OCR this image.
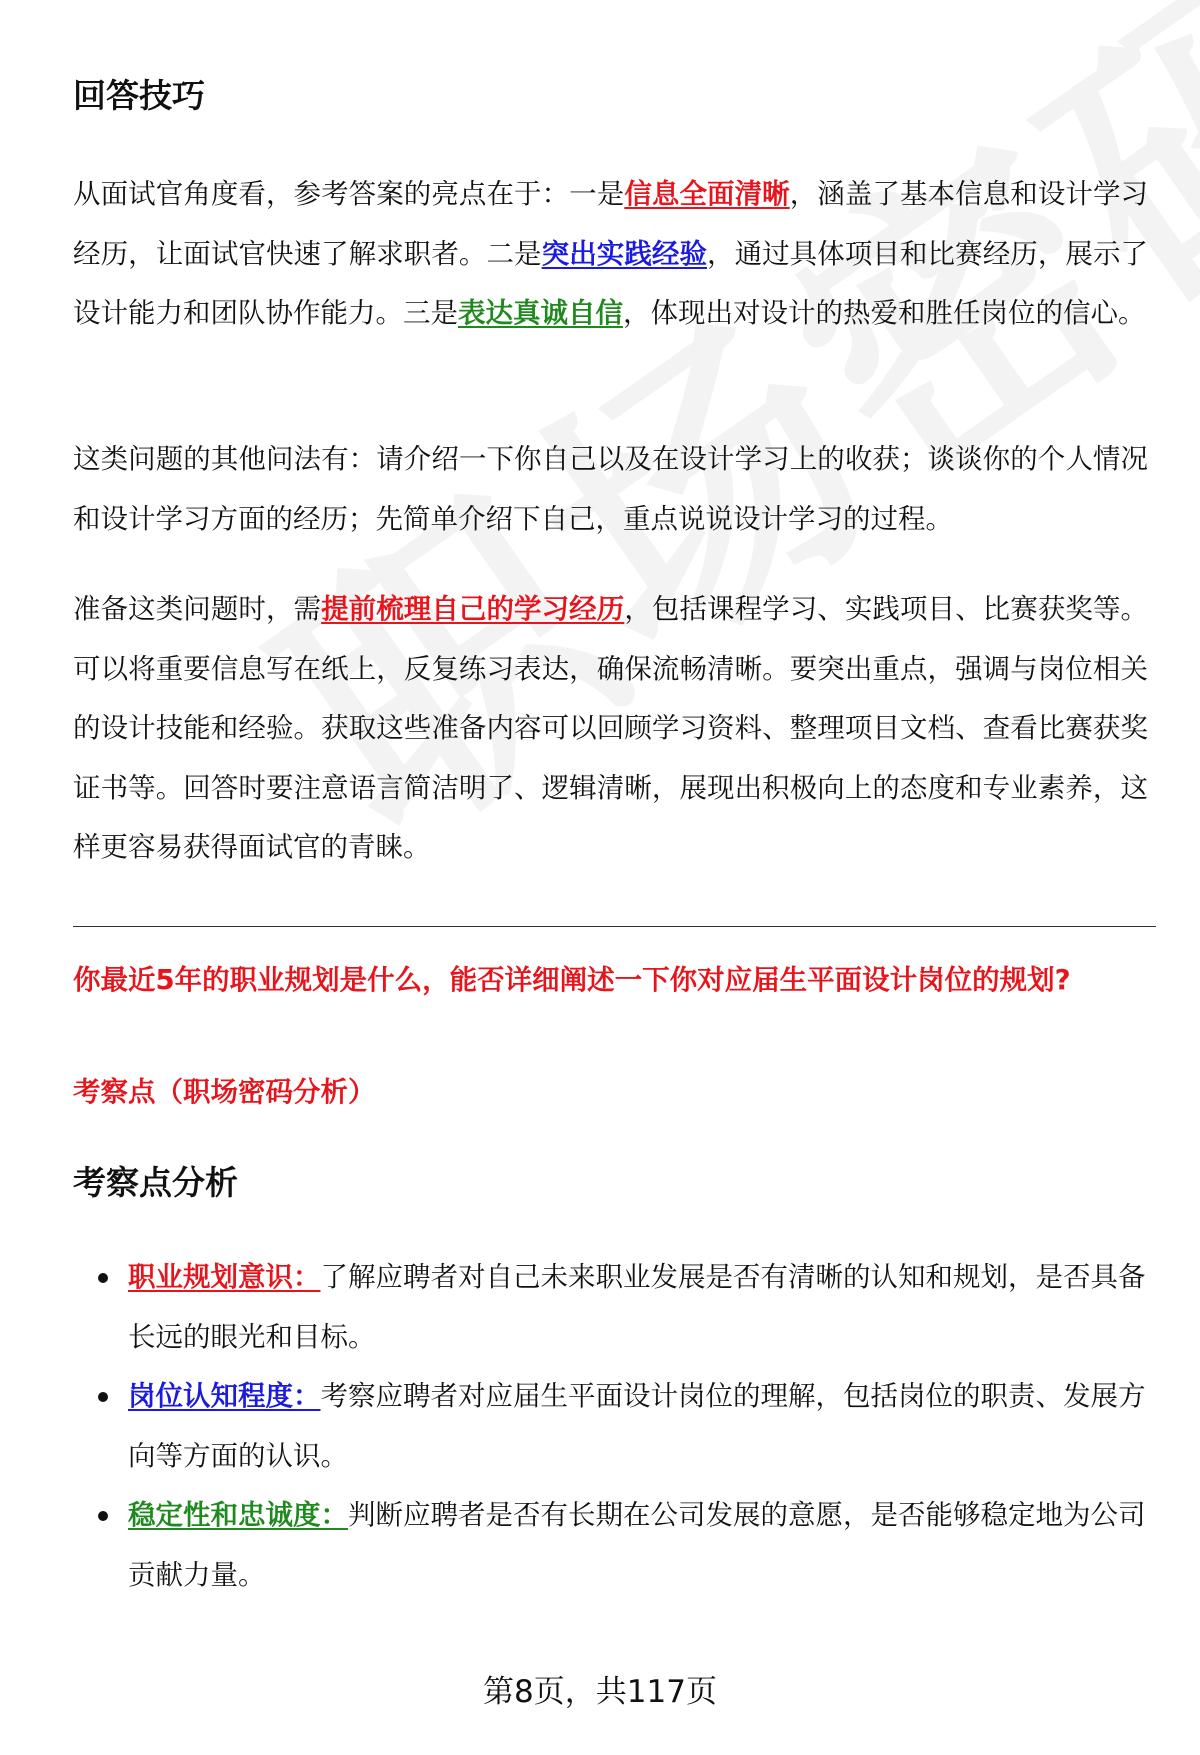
回答技巧

从面试官角度看，参考答案的亮点在于：一是信息全面清晰，涵盖了基本信息和设计学习经历，让面试官快速了解求职者。二是突出实践经验，通过具体项目和比赛经历，展示了设计能力和团队协作能力。三是表达真诚自信，体现出对设计的热爱和胜任岗位的信心。

这类问题的其他问法有：请介绍一下你自己以及在设计学习上的收获；谈谈你的个人情况和设计学习方面的经历；先简单介绍下自己，重点说说设计学习的过程。

准备这类问题时，需提前梳理自己的学习经历，包括课程学习、实践项目、比赛获奖等。可以将重要信息写在纸上，反复练习表达，确保流畅清晰。要突出重点，强调与岗位相关的设计技能和经验。获取这些准备内容可以回顾学习资料、整理项目文档、查看比赛获奖证书等。回答时要注意语言简洁明了、逻辑清晰，展现出积极向上的态度和专业素养，这样更容易获得面试官的青睐。

你最近5年的职业规划是什么，能否详细阐述一下你对应届生平面设计岗位的规划?

考察点（职场密码分析）

考察点分析
职业规划意识：了解应聘者对自己未来职业发展是否有清晰的认知和规划，是否具备长远的眼光和目标。
岗位认知程度：考察应聘者对应届生平面设计岗位的理解，包括岗位的职责、发展方向等方面的认识。
稳定性和忠诚度：判断应聘者是否有长期在公司发展的意愿，是否能够稳定地为公司贡献力量。
第8页，共117页
